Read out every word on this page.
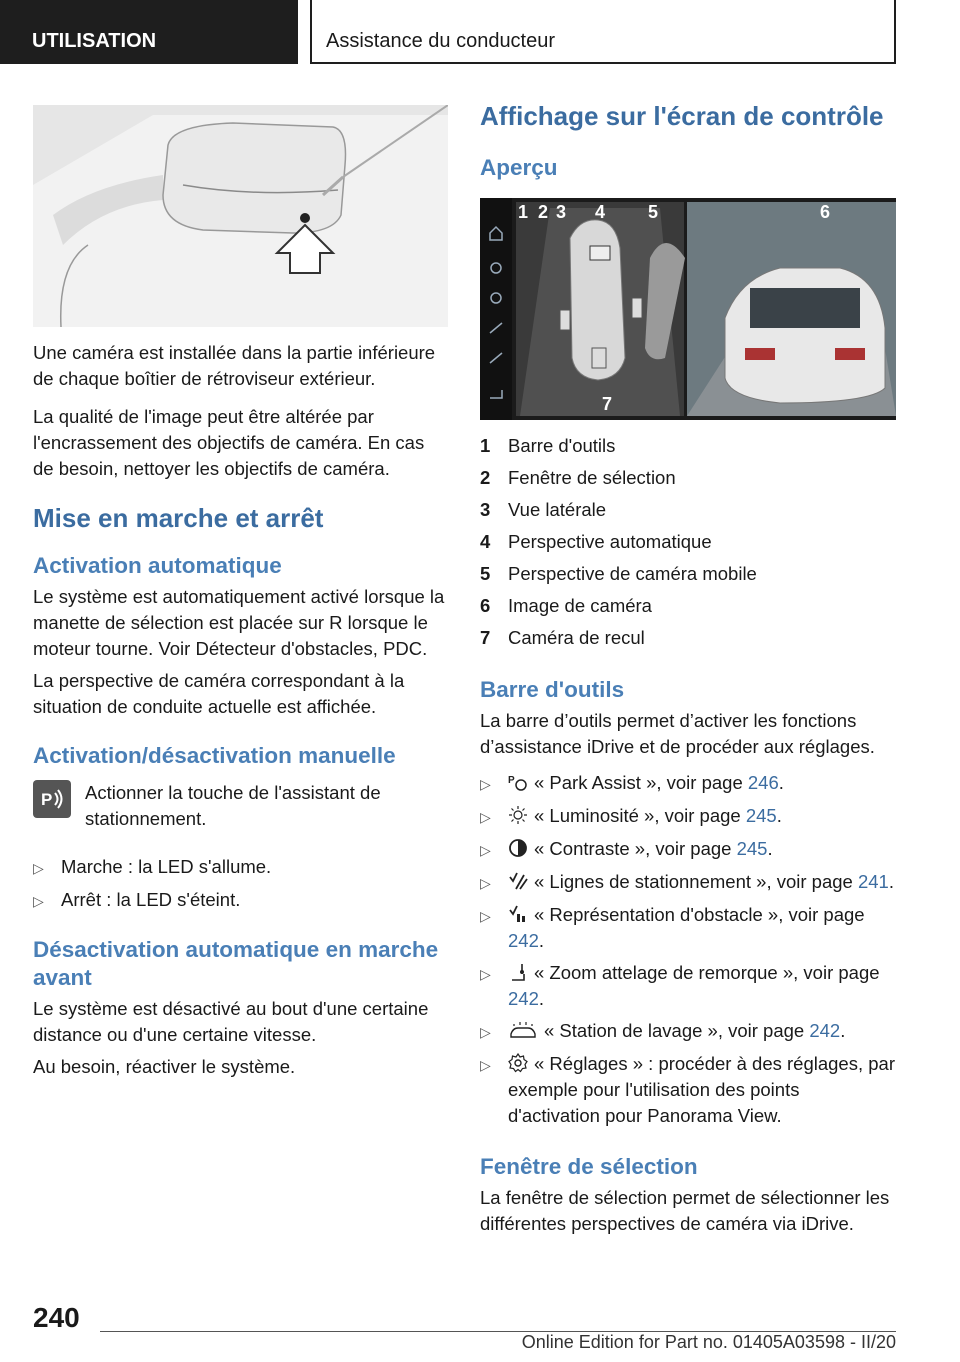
UTILISATION	Assistance du conducteur

Une caméra est installée dans la partie inférieure de chaque boîtier de rétroviseur extérieur.

La qualité de l'image peut être altérée par l'encrassement des objectifs de caméra. En cas de besoin, nettoyer les objectifs de caméra.

Mise en marche et arrêt
Activation automatique

Le système est automatiquement activé lorsque la manette de sélection est placée sur R lorsque le moteur tourne. Voir Détecteur d'obstacles, PDC.

La perspective de caméra correspondant à la situation de conduite actuelle est affichée.

Activation/désactivation manuelle
P Actionner la touche de l'assistant de stationnement.

▷ Marche : la LED s'allume.
▷ Arrêt : la LED s'éteint.
Désactivation automatique en marche avant

Le système est désactivé au bout d'une certaine distance ou d'une certaine vitesse.

Au besoin, réactiver le système.

Affichage sur l'écran de contrôle
Aperçu
1 2 3 4 5	6
7
1 Barre d'outils
2 Fenêtre de sélection
3 Vue latérale
4 Perspective automatique
5 Perspective de caméra mobile
6 Image de caméra
7 Caméra de recul
Barre d'outils

La barre d’outils permet d’activer les fonctions d’assistance iDrive et de procéder aux réglages.

▷	P « Park Assist », voir page 246.
▷	« Luminosité », voir page 245.
▷	« Contraste », voir page 245.
▷	« Lignes de stationnement », voir page 241.
▷	« Représentation d'obstacle », voir page 242.
▷	« Zoom attelage de remorque », voir page 242.
▷	« Station de lavage », voir page 242.
▷	« Réglages » : procéder à des réglages, par exemple pour l'utilisation des points d'activation pour Panorama View.
Fenêtre de sélection

La fenêtre de sélection permet de sélectionner les différentes perspectives de caméra via iDrive.

240
Online Edition for Part no. 01405A03598 - II/20
